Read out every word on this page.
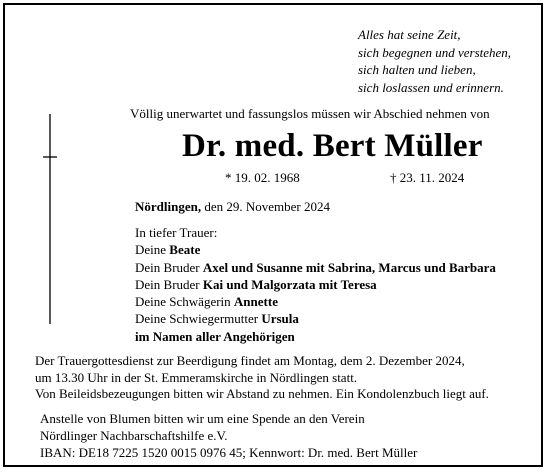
Alles hat seine Zeit,
sich begegnen und verstehen,
sich halten und lieben,
sich loslassen und erinnern.
Völlig unerwartet und fassungslos müssen wir Abschied nehmen von
Dr. med. Bert Müller
* 19. 02. 1968	† 23. 11. 2024
Nördlingen, den 29. November 2024
In tiefer Trauer:
Deine Beate
Dein Bruder Axel und Susanne mit Sabrina, Marcus und Barbara
Dein Bruder Kai und Malgorzata mit Teresa
Deine Schwägerin Annette
Deine Schwiegermutter Ursula
im Namen aller Angehörigen
Der Trauergottesdienst zur Beerdigung findet am Montag, dem 2. Dezember 2024,
um 13.30 Uhr in der St. Emmeramskirche in Nördlingen statt.
Von Beileidsbezeugungen bitten wir Abstand zu nehmen. Ein Kondolenzbuch liegt auf.
Anstelle von Blumen bitten wir um eine Spende an den Verein
Nördlinger Nachbarschaftshilfe e.V.
IBAN: DE18 7225 1520 0015 0976 45; Kennwort: Dr. med. Bert Müller
